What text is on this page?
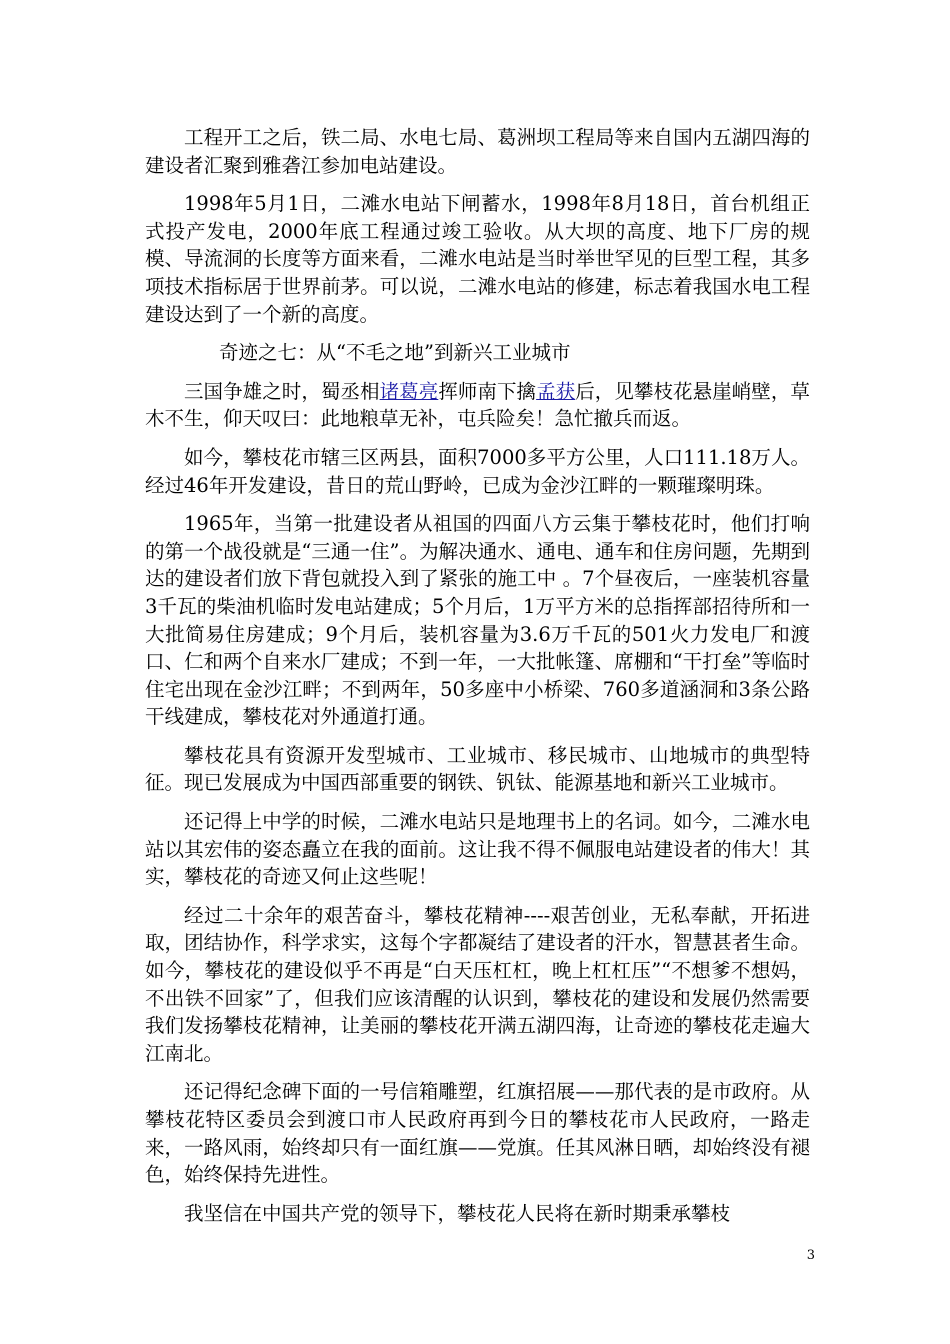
工程开工之后，铁二局、水电七局、葛洲坝工程局等来自国内五湖四海的建设者汇聚到雅砻江参加电站建设。

1998年5月1日，二滩水电站下闸蓄水，1998年8月18日，首台机组正式投产发电，2000年底工程通过竣工验收。从大坝的高度、地下厂房的规模、导流洞的长度等方面来看，二滩水电站是当时举世罕见的巨型工程，其多项技术指标居于世界前茅。可以说，二滩水电站的修建，标志着我国水电工程建设达到了一个新的高度。

奇迹之七：从“不毛之地”到新兴工业城市

三国争雄之时，蜀丞相诸葛亮挥师南下擒孟获后，见攀枝花悬崖峭壁，草木不生，仰天叹曰：此地粮草无补，屯兵险矣！急忙撤兵而返。

如今，攀枝花市辖三区两县，面积7000多平方公里，人口111.18万人。经过46年开发建设，昔日的荒山野岭，已成为金沙江畔的一颗璀璨明珠。

1965年，当第一批建设者从祖国的四面八方云集于攀枝花时，他们打响的第一个战役就是“三通一住”。为解决通水、通电、通车和住房问题，先期到达的建设者们放下背包就投入到了紧张的施工中 。7个昼夜后，一座装机容量3千瓦的柴油机临时发电站建成；5个月后，1万平方米的总指挥部招待所和一大批简易住房建成；9个月后，装机容量为3.6万千瓦的501火力发电厂和渡口、仁和两个自来水厂建成；不到一年，一大批帐篷、席棚和“干打垒”等临时住宅出现在金沙江畔；不到两年，50多座中小桥梁、760多道涵洞和3条公路干线建成，攀枝花对外通道打通。

攀枝花具有资源开发型城市、工业城市、移民城市、山地城市的典型特征。现已发展成为中国西部重要的钢铁、钒钛、能源基地和新兴工业城市。

还记得上中学的时候，二滩水电站只是地理书上的名词。如今，二滩水电站以其宏伟的姿态矗立在我的面前。这让我不得不佩服电站建设者的伟大！其实，攀枝花的奇迹又何止这些呢！

经过二十余年的艰苦奋斗，攀枝花精神----艰苦创业，无私奉献，开拓进取，团结协作，科学求实，这每个字都凝结了建设者的汗水，智慧甚者生命。如今，攀枝花的建设似乎不再是“白天压杠杠，晚上杠杠压”“不想爹不想妈，不出铁不回家”了，但我们应该清醒的认识到，攀枝花的建设和发展仍然需要我们发扬攀枝花精神，让美丽的攀枝花开满五湖四海，让奇迹的攀枝花走遍大江南北。

还记得纪念碑下面的一号信箱雕塑，红旗招展——那代表的是市政府。从攀枝花特区委员会到渡口市人民政府再到今日的攀枝花市人民政府，一路走来，一路风雨，始终却只有一面红旗——党旗。任其风淋日晒，却始终没有褪色，始终保持先进性。

我坚信在中国共产党的领导下，攀枝花人民将在新时期秉承攀枝

3
